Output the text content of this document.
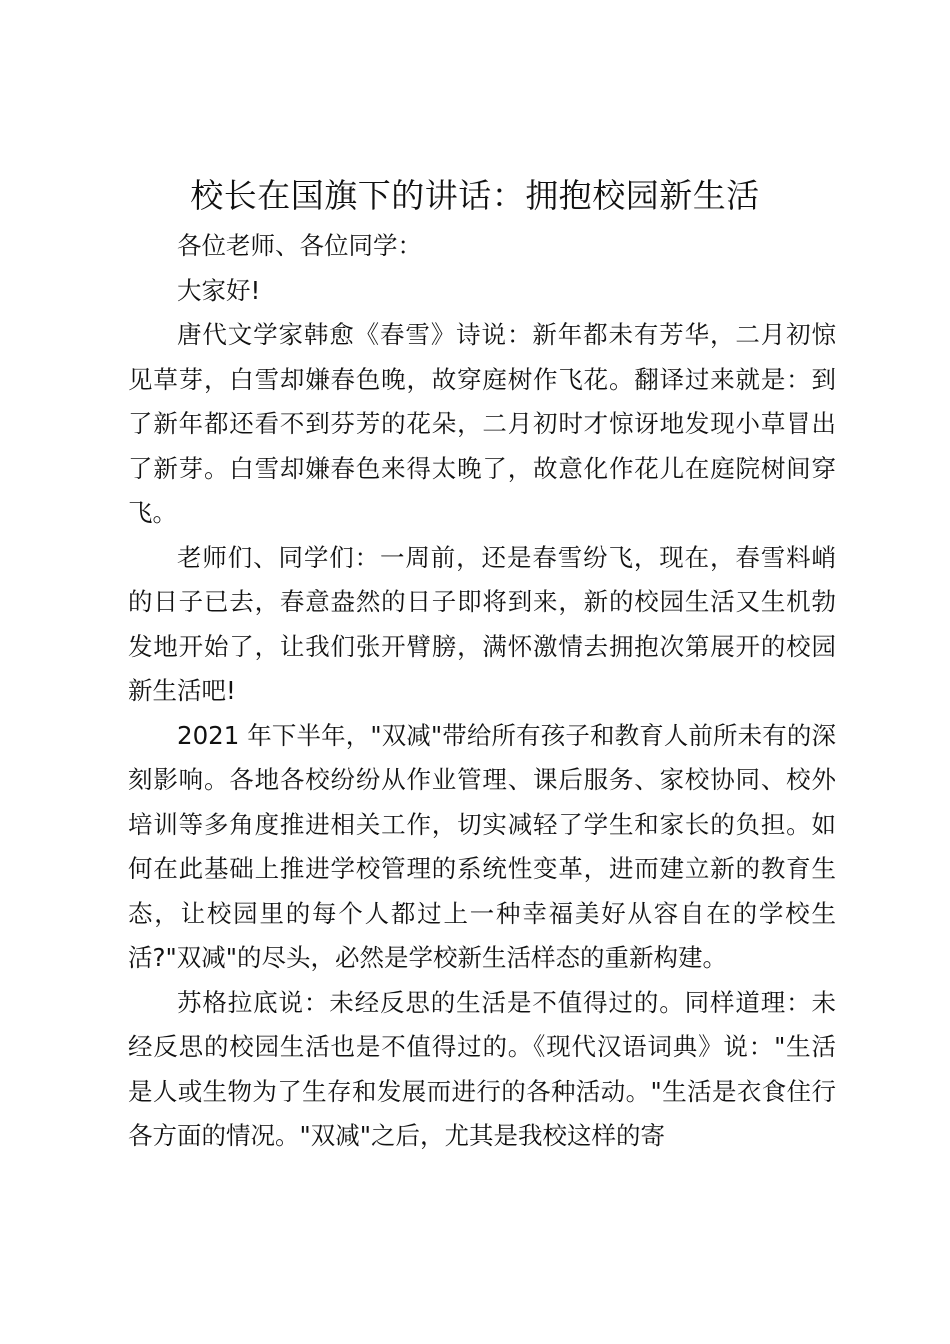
校长在国旗下的讲话：拥抱校园新生活

各位老师、各位同学：

大家好!

唐代文学家韩愈《春雪》诗说：新年都未有芳华，二月初惊见草芽，白雪却嫌春色晚，故穿庭树作飞花。翻译过来就是：到了新年都还看不到芬芳的花朵，二月初时才惊讶地发现小草冒出了新芽。白雪却嫌春色来得太晚了，故意化作花儿在庭院树间穿飞。

老师们、同学们：一周前，还是春雪纷飞，现在，春雪料峭的日子已去，春意盎然的日子即将到来，新的校园生活又生机勃发地开始了，让我们张开臂膀，满怀激情去拥抱次第展开的校园新生活吧!

2021 年下半年，"双减"带给所有孩子和教育人前所未有的深刻影响。各地各校纷纷从作业管理、课后服务、家校协同、校外培训等多角度推进相关工作，切实减轻了学生和家长的负担。如何在此基础上推进学校管理的系统性变革，进而建立新的教育生态，让校园里的每个人都过上一种幸福美好从容自在的学校生活?"双减"的尽头，必然是学校新生活样态的重新构建。

苏格拉底说：未经反思的生活是不值得过的。同样道理：未经反思的校园生活也是不值得过的。《现代汉语词典》说："生活是人或生物为了生存和发展而进行的各种活动。"生活是衣食住行各方面的情况。"双减"之后，尤其是我校这样的寄
